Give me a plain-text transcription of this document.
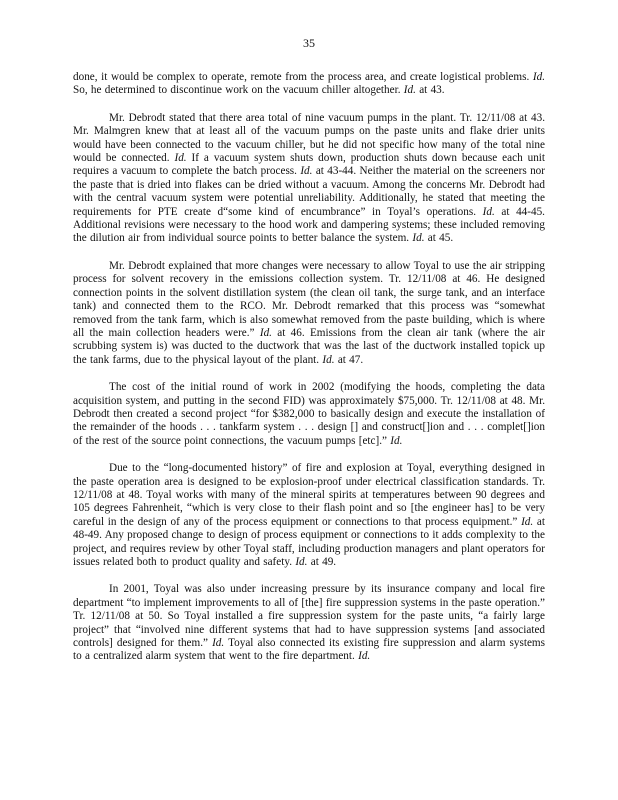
35

done, it would be complex to operate, remote from the process area, and create logistical problems. Id. So, he determined to discontinue work on the vacuum chiller altogether. Id. at 43.

Mr. Debrodt stated that there area total of nine vacuum pumps in the plant. Tr. 12/11/08 at 43. Mr. Malmgren knew that at least all of the vacuum pumps on the paste units and flake drier units would have been connected to the vacuum chiller, but he did not specific how many of the total nine would be connected. Id. If a vacuum system shuts down, production shuts down because each unit requires a vacuum to complete the batch process. Id. at 43-44. Neither the material on the screeners nor the paste that is dried into flakes can be dried without a vacuum. Among the concerns Mr. Debrodt had with the central vacuum system were potential unreliability. Additionally, he stated that meeting the requirements for PTE create d“some kind of encumbrance” in Toyal’s operations. Id. at 44-45. Additional revisions were necessary to the hood work and dampering systems; these included removing the dilution air from individual source points to better balance the system. Id. at 45.

Mr. Debrodt explained that more changes were necessary to allow Toyal to use the air stripping process for solvent recovery in the emissions collection system. Tr. 12/11/08 at 46. He designed connection points in the solvent distillation system (the clean oil tank, the surge tank, and an interface tank) and connected them to the RCO. Mr. Debrodt remarked that this process was “somewhat removed from the tank farm, which is also somewhat removed from the paste building, which is where all the main collection headers were.” Id. at 46. Emissions from the clean air tank (where the air scrubbing system is) was ducted to the ductwork that was the last of the ductwork installed topick up the tank farms, due to the physical layout of the plant. Id. at 47.

The cost of the initial round of work in 2002 (modifying the hoods, completing the data acquisition system, and putting in the second FID) was approximately $75,000. Tr. 12/11/08 at 48. Mr. Debrodt then created a second project “for $382,000 to basically design and execute the installation of the remainder of the hoods . . . tankfarm system . . . design [] and construct[]ion and . . . complet[]ion of the rest of the source point connections, the vacuum pumps [etc].” Id.

Due to the “long-documented history” of fire and explosion at Toyal, everything designed in the paste operation area is designed to be explosion-proof under electrical classification standards. Tr. 12/11/08 at 48. Toyal works with many of the mineral spirits at temperatures between 90 degrees and 105 degrees Fahrenheit, “which is very close to their flash point and so [the engineer has] to be very careful in the design of any of the process equipment or connections to that process equipment.” Id. at 48-49. Any proposed change to design of process equipment or connections to it adds complexity to the project, and requires review by other Toyal staff, including production managers and plant operators for issues related both to product quality and safety. Id. at 49.

In 2001, Toyal was also under increasing pressure by its insurance company and local fire department “to implement improvements to all of [the] fire suppression systems in the paste operation.” Tr. 12/11/08 at 50. So Toyal installed a fire suppression system for the paste units, “a fairly large project” that “involved nine different systems that had to have suppression systems [and associated controls] designed for them.” Id. Toyal also connected its existing fire suppression and alarm systems to a centralized alarm system that went to the fire department. Id.
